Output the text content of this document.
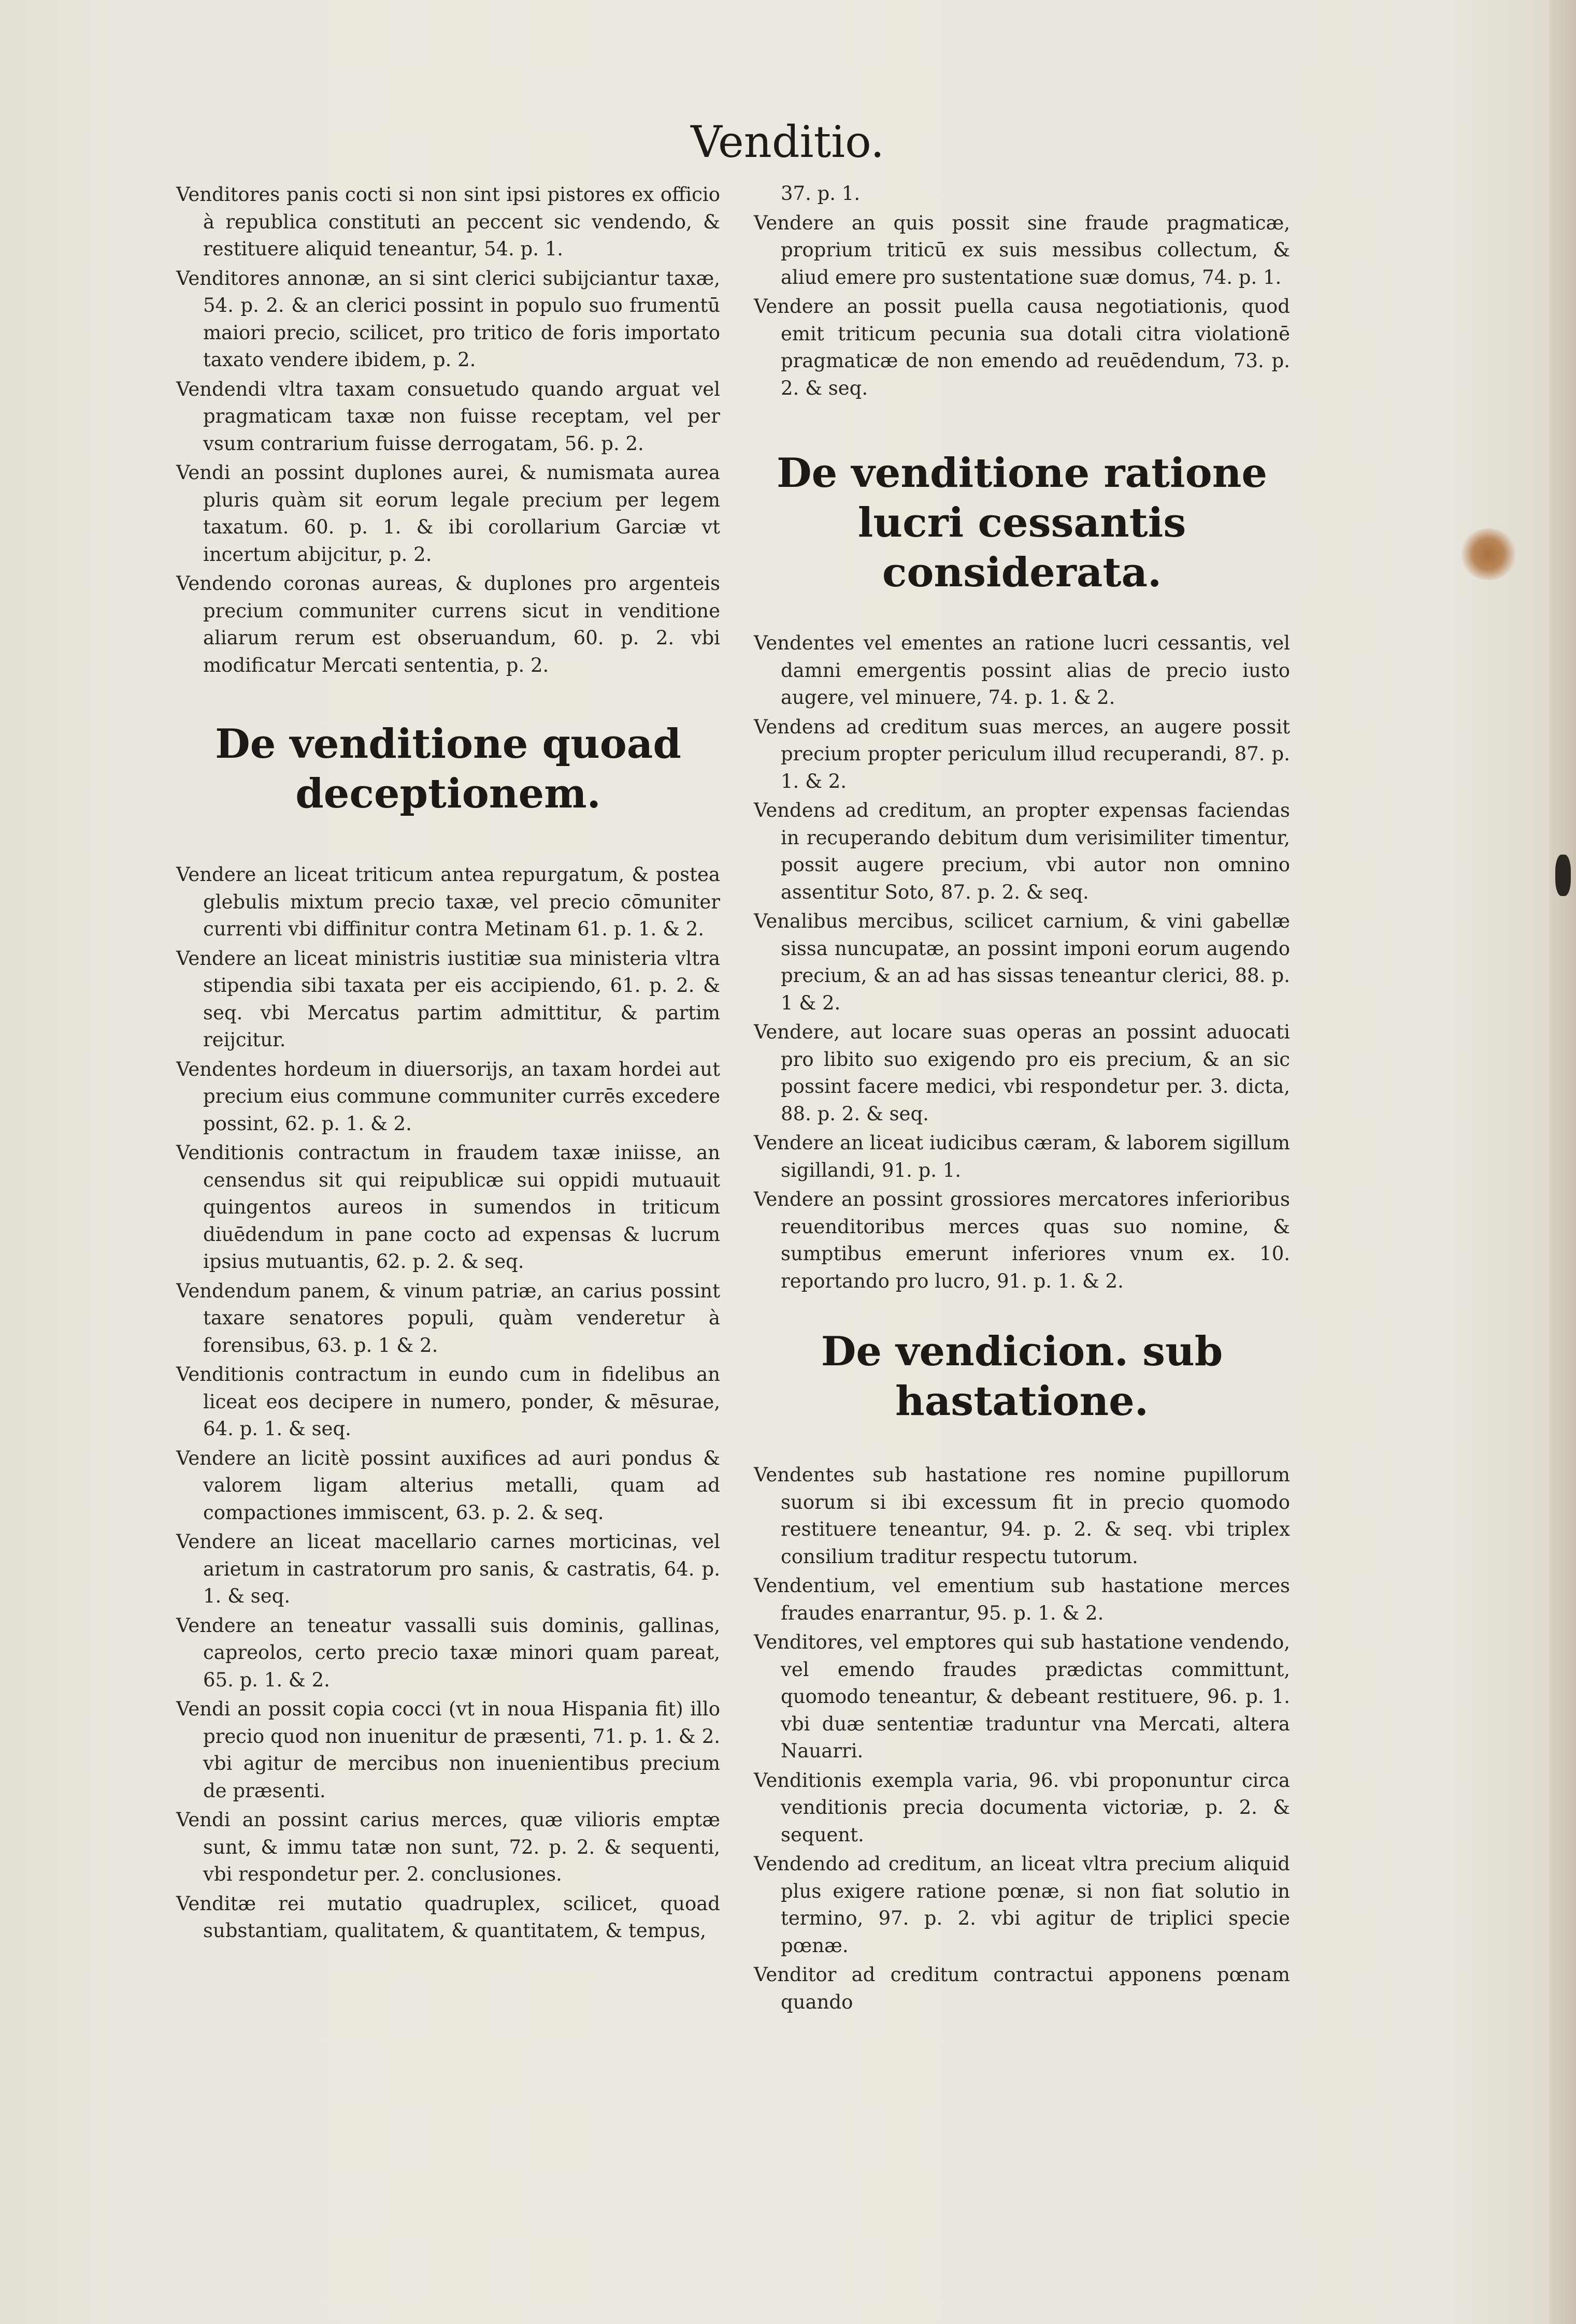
Venditio.

Venditores panis cocti si non sint ipsi pistores ex officio à republica constituti an peccent sic vendendo, & restituere aliquid teneantur, 54. p. 1.

Venditores annonæ, an si sint clerici subijciantur taxæ, 54. p. 2. & an clerici possint in populo suo frumentū maiori precio, scilicet, pro tritico de foris importato taxato vendere ibidem, p. 2.

Vendendi vltra taxam consuetudo quando arguat vel pragmaticam taxæ non fuisse receptam, vel per vsum contrarium fuisse derrogatam, 56. p. 2.

Vendi an possint duplones aurei, & numismata aurea pluris quàm sit eorum legale precium per legem taxatum. 60. p. 1. & ibi corollarium Garciæ vt incertum abijcitur, p. 2.

Vendendo coronas aureas, & duplones pro argenteis precium communiter currens sicut in venditione aliarum rerum est obseruandum, 60. p. 2. vbi modificatur Mercati sententia, p. 2.

De venditione quoad deceptionem.

Vendere an liceat triticum antea repurgatum, & postea glebulis mixtum precio taxæ, vel precio cōmuniter currenti vbi diffinitur contra Metinam 61. p. 1. & 2.

Vendere an liceat ministris iustitiæ sua ministeria vltra stipendia sibi taxata per eis accipiendo, 61. p. 2. & seq. vbi Mercatus partim admittitur, & partim reijcitur.

Vendentes hordeum in diuersorijs, an taxam hordei aut precium eius commune communiter currēs excedere possint, 62. p. 1. & 2.

Venditionis contractum in fraudem taxæ iniisse, an censendus sit qui reipublicæ sui oppidi mutuauit quingentos aureos in sumendos in triticum diuēdendum in pane cocto ad expensas & lucrum ipsius mutuantis, 62. p. 2. & seq.

Vendendum panem, & vinum patriæ, an carius possint taxare senatores populi, quàm venderetur à forensibus, 63. p. 1 & 2.

Venditionis contractum in eundo cum in fidelibus an liceat eos decipere in numero, ponder, & mēsurae, 64. p. 1. & seq.

Vendere an licitè possint auxifices ad auri pondus & valorem ligam alterius metalli, quam ad compactiones immiscent, 63. p. 2. & seq.

Vendere an liceat macellario carnes morticinas, vel arietum in castratorum pro sanis, & castratis, 64. p. 1. & seq.

Vendere an teneatur vassalli suis dominis, gallinas, capreolos, certo precio taxæ minori quam pareat, 65. p. 1. & 2.

Vendi an possit copia cocci (vt in noua Hispania fit) illo precio quod non inuenitur de præsenti, 71. p. 1. & 2. vbi agitur de mercibus non inuenientibus precium de præsenti.

Vendi an possint carius merces, quæ vilioris emptæ sunt, & immu tatæ non sunt, 72. p. 2. & sequenti, vbi respondetur per. 2. conclusiones.

Venditæ rei mutatio quadruplex, scilicet, quoad substantiam, qualitatem, & quantitatem, & tempus,

37. p. 1.

Vendere an quis possit sine fraude pragmaticæ, proprium triticū ex suis messibus collectum, & aliud emere pro sustentatione suæ domus, 74. p. 1.

Vendere an possit puella causa negotiationis, quod emit triticum pecunia sua dotali citra violationē pragmaticæ de non emendo ad reuēdendum, 73. p. 2. & seq.

De venditione ratione lucri cessantis considerata.

Vendentes vel ementes an ratione lucri cessantis, vel damni emergentis possint alias de precio iusto augere, vel minuere, 74. p. 1. & 2.

Vendens ad creditum suas merces, an augere possit precium propter periculum illud recuperandi, 87. p. 1. & 2.

Vendens ad creditum, an propter expensas faciendas in recuperando debitum dum verisimiliter timentur, possit augere precium, vbi autor non omnino assentitur Soto, 87. p. 2. & seq.

Venalibus mercibus, scilicet carnium, & vini gabellæ sissa nuncupatæ, an possint imponi eorum augendo precium, & an ad has sissas teneantur clerici, 88. p. 1 & 2.

Vendere, aut locare suas operas an possint aduocati pro libito suo exigendo pro eis precium, & an sic possint facere medici, vbi respondetur per. 3. dicta, 88. p. 2. & seq.

Vendere an liceat iudicibus cæram, & laborem sigillum sigillandi, 91. p. 1.

Vendere an possint grossiores mercatores inferioribus reuenditoribus merces quas suo nomine, & sumptibus emerunt inferiores vnum ex. 10. reportando pro lucro, 91. p. 1. & 2.

De vendicion. sub hastatione.

Vendentes sub hastatione res nomine pupillorum suorum si ibi excessum fit in precio quomodo restituere teneantur, 94. p. 2. & seq. vbi triplex consilium traditur respectu tutorum.

Vendentium, vel ementium sub hastatione merces fraudes enarrantur, 95. p. 1. & 2.

Venditores, vel emptores qui sub hastatione vendendo, vel emendo fraudes prædictas committunt, quomodo teneantur, & debeant restituere, 96. p. 1. vbi duæ sententiæ traduntur vna Mercati, altera Nauarri.

Venditionis exempla varia, 96. vbi proponuntur circa venditionis precia documenta victoriæ, p. 2. & sequent.

Vendendo ad creditum, an liceat vltra precium aliquid plus exigere ratione pœnæ, si non fiat solutio in termino, 97. p. 2. vbi agitur de triplici specie pœnæ.

Venditor ad creditum contractui apponens pœnam quando
